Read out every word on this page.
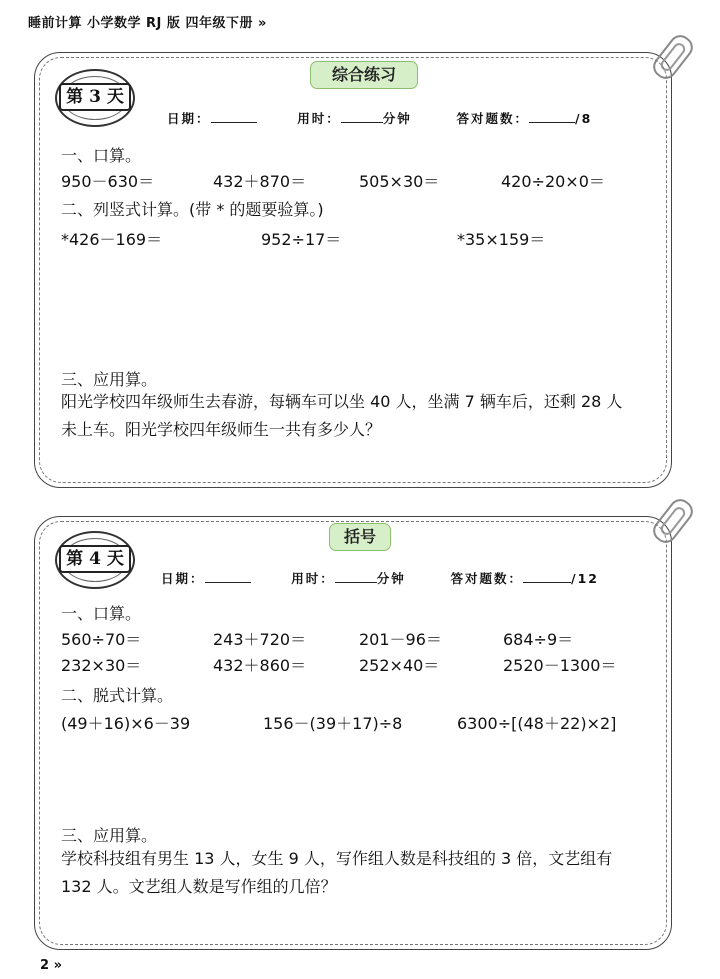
睡前计算 小学数学 RJ 版 四年级下册 »
第 3 天
综合练习
日期：	用时：	分钟	答对题数：	/8
一、口算。
950－630＝	432＋870＝	505×30＝	420÷20×0＝
二、列竖式计算。(带 * 的题要验算。)
*426－169＝	952÷17＝	*35×159＝
三、应用算。
阳光学校四年级师生去春游，每辆车可以坐 40 人，坐满 7 辆车后，还剩 28 人
未上车。阳光学校四年级师生一共有多少人？
第 4 天
括号
日期：	用时：	分钟	答对题数：	/12
一、口算。
560÷70＝	243＋720＝	201－96＝	684÷9＝
232×30＝	432＋860＝	252×40＝	2520－1300＝
二、脱式计算。
(49＋16)×6－39	156－(39＋17)÷8	6300÷[(48＋22)×2]
三、应用算。
学校科技组有男生 13 人，女生 9 人，写作组人数是科技组的 3 倍，文艺组有
132 人。文艺组人数是写作组的几倍？
2 »
